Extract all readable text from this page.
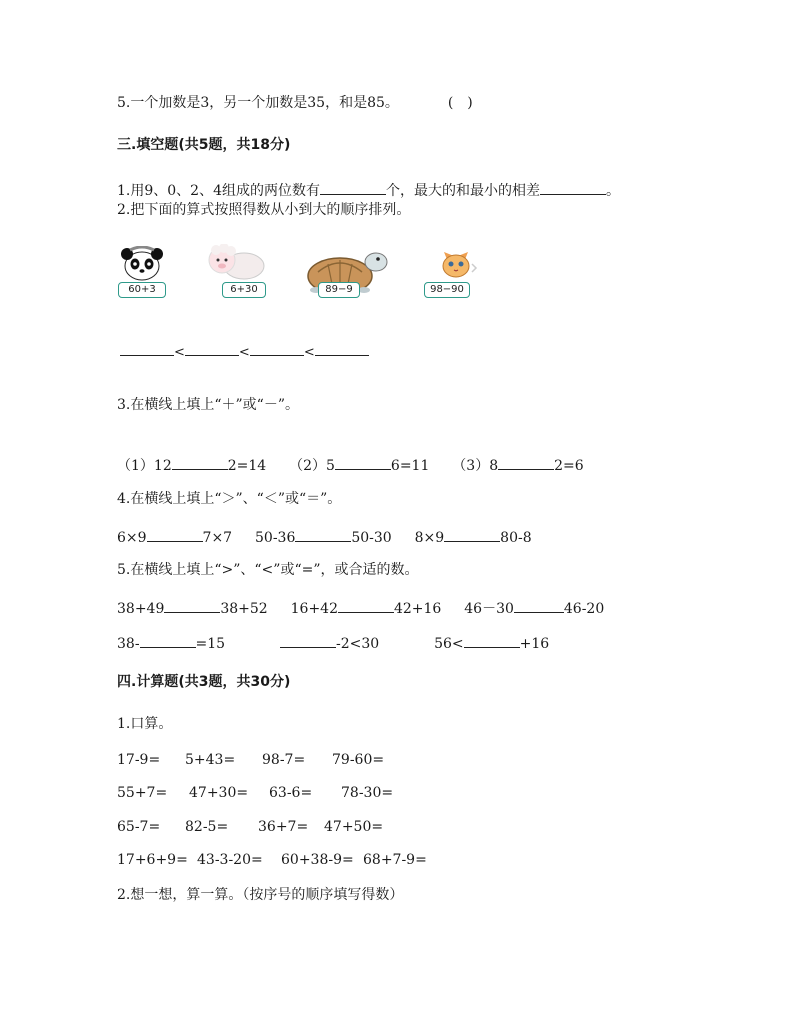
5.一个加数是3，另一个加数是35，和是85。	(　)
三.填空题(共5题，共18分)
1.用9、0、2、4组成的两位数有	个，最大的和最小的相差	。
2.把下面的算式按照得数从小到大的顺序排列。
60+3	6+30	89−9	98−90
<	<	<
3.在横线上填上“＋”或“－”。
（1）12	2=14 （2）5	6=11 （3）8	2=6
4.在横线上填上“＞”、“＜”或“＝”。
6×9	7×7 50-36	50-30 8×9	80-8
5.在横线上填上“>”、“<”或“=”，或合适的数。
38+49	38+52 16+42	42+16 46－30	46-20
38-	=15	-2<30	56<	+16
四.计算题(共3题，共30分)
1.口算。
17-9= 5+43= 98-7= 79-60=
55+7= 47+30= 63-6= 78-30=
65-7= 82-5= 36+7= 47+50=
17+6+9= 43-3-20= 60+38-9= 68+7-9=
2.想一想，算一算。（按序号的顺序填写得数）
